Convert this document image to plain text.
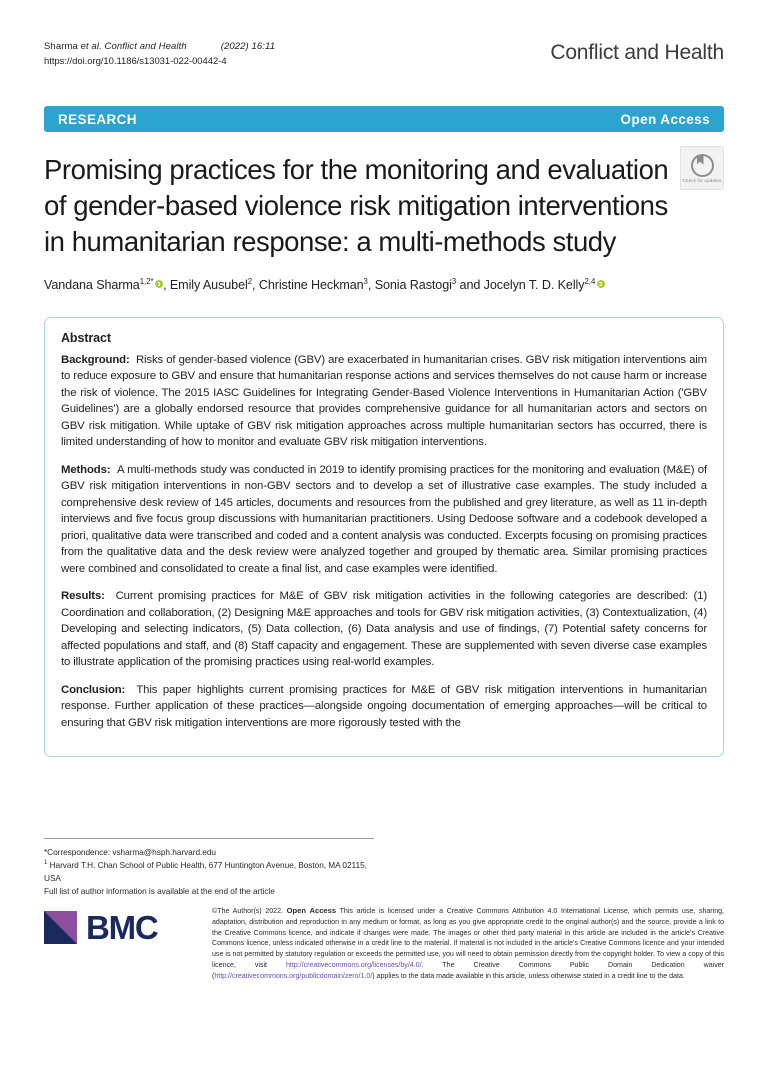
Sharma et al. Conflict and Health	(2022) 16:11
https://doi.org/10.1186/s13031-022-00442-4	Conflict and Health
RESEARCH	Open Access
Promising practices for the monitoring and evaluation of gender-based violence risk mitigation interventions in humanitarian response: a multi-methods study
Check for updates
Vandana Sharma$^{1,2*}$ , Emily Ausubel$^2$, Christine Heckman$^3$, Sonia Rastogi$^3$ and Jocelyn T. D. Kelly$^{2,4}$
Abstract

Background: Risks of gender-based violence (GBV) are exacerbated in humanitarian crises. GBV risk mitigation interventions aim to reduce exposure to GBV and ensure that humanitarian response actions and services themselves do not cause harm or increase the risk of violence. The 2015 IASC Guidelines for Integrating Gender-Based Violence Interventions in Humanitarian Action ('GBV Guidelines') are a globally endorsed resource that provides comprehensive guidance for all humanitarian actors and sectors on GBV risk mitigation. While uptake of GBV risk mitigation approaches across multiple humanitarian sectors has occurred, there is limited understanding of how to monitor and evaluate GBV risk mitigation interventions.

Methods: A multi-methods study was conducted in 2019 to identify promising practices for the monitoring and evaluation (M&E) of GBV risk mitigation interventions in non-GBV sectors and to develop a set of illustrative case examples. The study included a comprehensive desk review of 145 articles, documents and resources from the published and grey literature, as well as 11 in-depth interviews and five focus group discussions with humanitarian practitioners. Using Dedoose software and a codebook developed a priori, qualitative data were transcribed and coded and a content analysis was conducted. Excerpts focusing on promising practices from the qualitative data and the desk review were analyzed together and grouped by thematic area. Similar promising practices were combined and consolidated to create a final list, and case examples were identified.

Results: Current promising practices for M&E of GBV risk mitigation activities in the following categories are described: (1) Coordination and collaboration, (2) Designing M&E approaches and tools for GBV risk mitigation activities, (3) Contextualization, (4) Developing and selecting indicators, (5) Data collection, (6) Data analysis and use of findings, (7) Potential safety concerns for affected populations and staff, and (8) Staff capacity and engagement. These are supplemented with seven diverse case examples to illustrate application of the promising practices using real-world examples.

Conclusion: This paper highlights current promising practices for M&E of GBV risk mitigation interventions in humanitarian response. Further application of these practices—alongside ongoing documentation of emerging approaches—will be critical to ensuring that GBV risk mitigation interventions are more rigorously tested with the

*Correspondence: vsharma@hsph.harvard.edu
$^1$ Harvard T.H. Chan School of Public Health, 677 Huntington Avenue, Boston, MA 02115, USA
Full list of author information is available at the end of the article
BMC	©The Author(s) 2022. Open Access This article is licensed under a Creative Commons Attribution 4.0 International License, which permits use, sharing, adaptation, distribution and reproduction in any medium or format, as long as you give appropriate credit to the original author(s) and the source, provide a link to the Creative Commons licence, and indicate if changes were made. The images or other third party material in this article are included in the article's Creative Commons licence, unless indicated otherwise in a credit line to the material. If material is not included in the article's Creative Commons licence and your intended use is not permitted by statutory regulation or exceeds the permitted use, you will need to obtain permission directly from the copyright holder. To view a copy of this licence, visit http://creativecommons.org/licenses/by/4.0/. The Creative Commons Public Domain Dedication waiver (http://creativecommons.org/publicdomain/zero/1.0/) applies to the data made available in this article, unless otherwise stated in a credit line to the data.
